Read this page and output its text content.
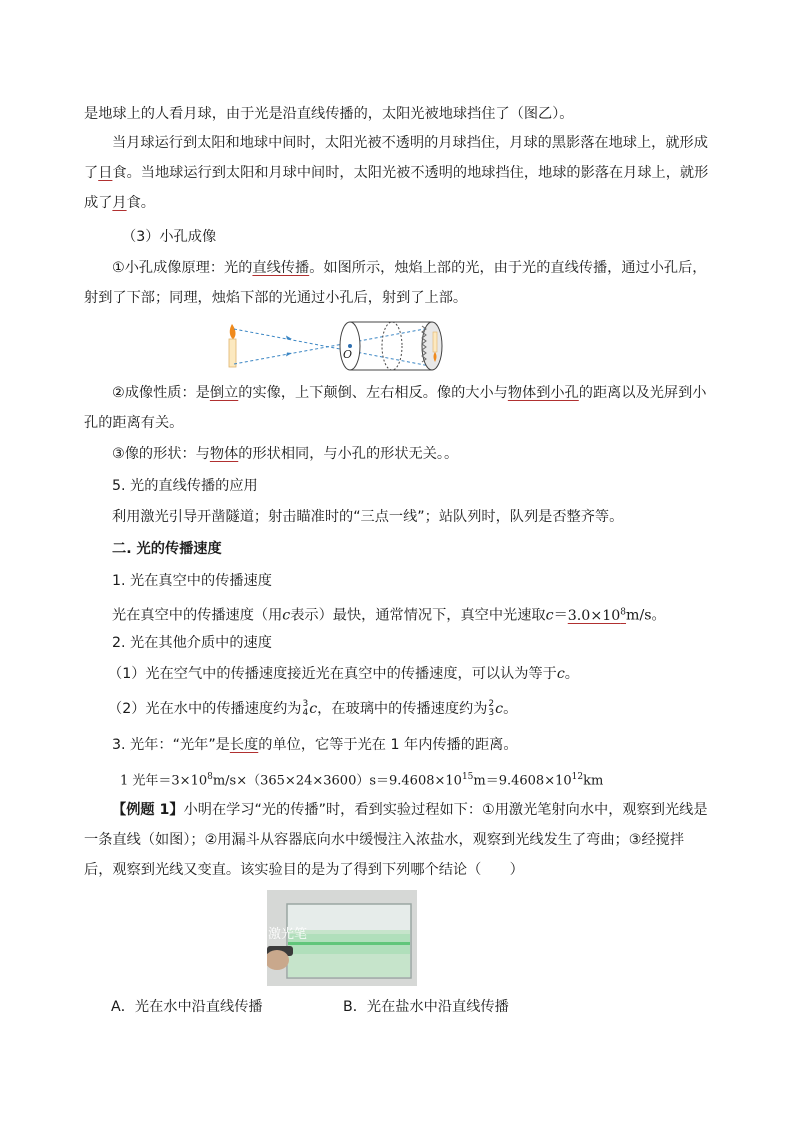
是地球上的人看月球，由于光是沿直线传播的，太阳光被地球挡住了（图乙）。
当月球运行到太阳和地球中间时，太阳光被不透明的月球挡住，月球的黑影落在地球上，就形成
了日食。当地球运行到太阳和月球中间时，太阳光被不透明的地球挡住，地球的影落在月球上，就形
成了月食。
（3）小孔成像
①小孔成像原理：光的直线传播。如图所示，烛焰上部的光，由于光的直线传播，通过小孔后，
射到了下部；同理，烛焰下部的光通过小孔后，射到了上部。
O
②成像性质：是倒立的实像，上下颠倒、左右相反。像的大小与物体到小孔的距离以及光屏到小
孔的距离有关。
③像的形状：与物体的形状相同，与小孔的形状无关。。
5. 光的直线传播的应用
利用激光引导开凿隧道；射击瞄准时的“三点一线”；站队列时，队列是否整齐等。
二. 光的传播速度
1. 光在真空中的传播速度
光在真空中的传播速度（用c表示）最快，通常情况下，真空中光速取$c=3.0\times 10^8m/s$。
2. 光在其他介质中的速度
（1）光在空气中的传播速度接近光在真空中的传播速度，可以认为等于c。
（2）光在水中的传播速度约为 3
4 c，在玻璃中的传播速度约为 2
3 c。
3. 光年：“光年”是长度的单位，它等于光在 1 年内传播的距离。
1 光年$=3\times 10^8m/s\times(365\times 24\times 3600)s=9.4608\times 10^{15}m=9.4608\times 10^{12}km$
【例题 1】小明在学习“光的传播”时，看到实验过程如下：①用激光笔射向水中，观察到光线是
一条直线（如图）；②用漏斗从容器底向水中缓慢注入浓盐水，观察到光线发生了弯曲；③经搅拌
后，观察到光线又变直。该实验目的是为了得到下列哪个结论（　　）
激光笔
A．光在水中沿直线传播	B．光在盐水中沿直线传播
